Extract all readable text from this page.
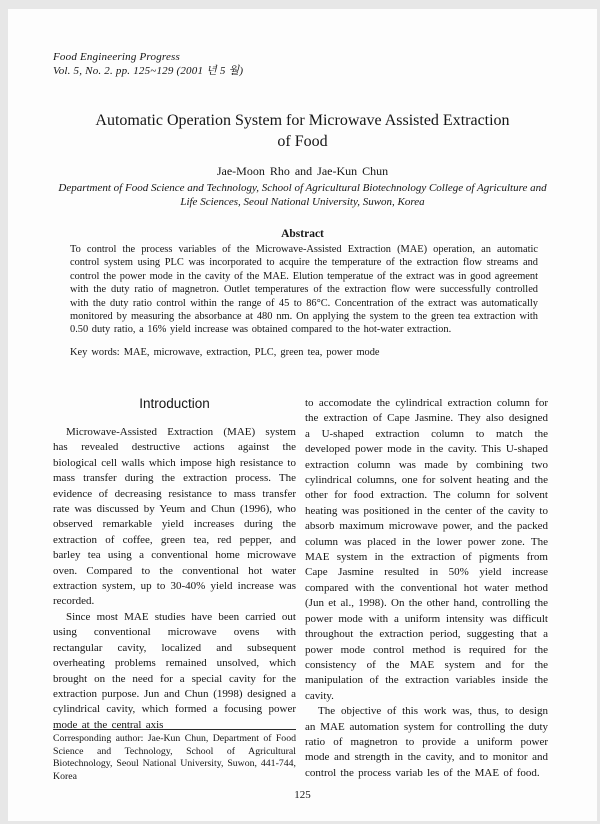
Food Engineering Progress
Vol. 5, No. 2. pp. 125~129 (2001 년 5 월)
Automatic Operation System for Microwave Assisted Extraction of Food
Jae-Moon Rho and Jae-Kun Chun
Department of Food Science and Technology, School of Agricultural Biotechnology College of Agriculture and Life Sciences, Seoul National University, Suwon, Korea
Abstract

To control the process variables of the Microwave-Assisted Extraction (MAE) operation, an automatic control system using PLC was incorporated to acquire the temperature of the extraction flow streams and control the power mode in the cavity of the MAE. Elution temperatue of the extract was in good agreement with the duty ratio of magnetron. Outlet temperatures of the extraction flow were successfully controlled with the duty ratio control within the range of 45 to 86°C. Concentration of the extract was automatically monitored by measuring the absorbance at 480 nm. On applying the system to the green tea extraction with 0.50 duty ratio, a 16% yield increase was obtained compared to the hot-water extraction.

Key words: MAE, microwave, extraction, PLC, green tea, power mode

Introduction

Microwave-Assisted Extraction (MAE) system has revealed destructive actions against the biological cell walls which impose high resistance to mass transfer during the extraction process. The evidence of decreasing resistance to mass transfer rate was discussed by Yeum and Chun (1996), who observed remarkable yield increases during the extraction of coffee, green tea, red pepper, and barley tea using a conventional home microwave oven. Compared to the conventional hot water extraction system, up to 30-40% yield increase was recorded.

Since most MAE studies have been carried out using conventional microwave ovens with rectangular cavity, localized and subsequent overheating problems remained unsolved, which brought on the need for a special cavity for the extraction purpose. Jun and Chun (1998) designed a cylindrical cavity, which formed a focusing power mode at the central axis

to accomodate the cylindrical extraction column for the extraction of Cape Jasmine. They also designed a U-shaped extraction column to match the developed power mode in the cavity. This U-shaped extraction column was made by combining two cylindrical columns, one for solvent heating and the other for food extraction. The column for solvent heating was positioned in the center of the cavity to absorb maximum microwave power, and the packed column was placed in the lower power zone. The MAE system in the extraction of pigments from Cape Jasmine resulted in 50% yield increase compared with the conventional hot water method (Jun et al., 1998). On the other hand, controlling the power mode with a uniform intensity was difficult throughout the extraction period, suggesting that a power mode control method is required for the consistency of the MAE system and for the manipulation of the extraction variables inside the cavity.

The objective of this work was, thus, to design an MAE automation system for controlling the duty ratio of magnetron to provide a uniform power mode and strength in the cavity, and to monitor and control the process variab les of the MAE of food.

Corresponding author: Jae-Kun Chun, Department of Food Science and Technology, School of Agricultural Biotechnology, Seoul National University, Suwon, 441-744, Korea

125
